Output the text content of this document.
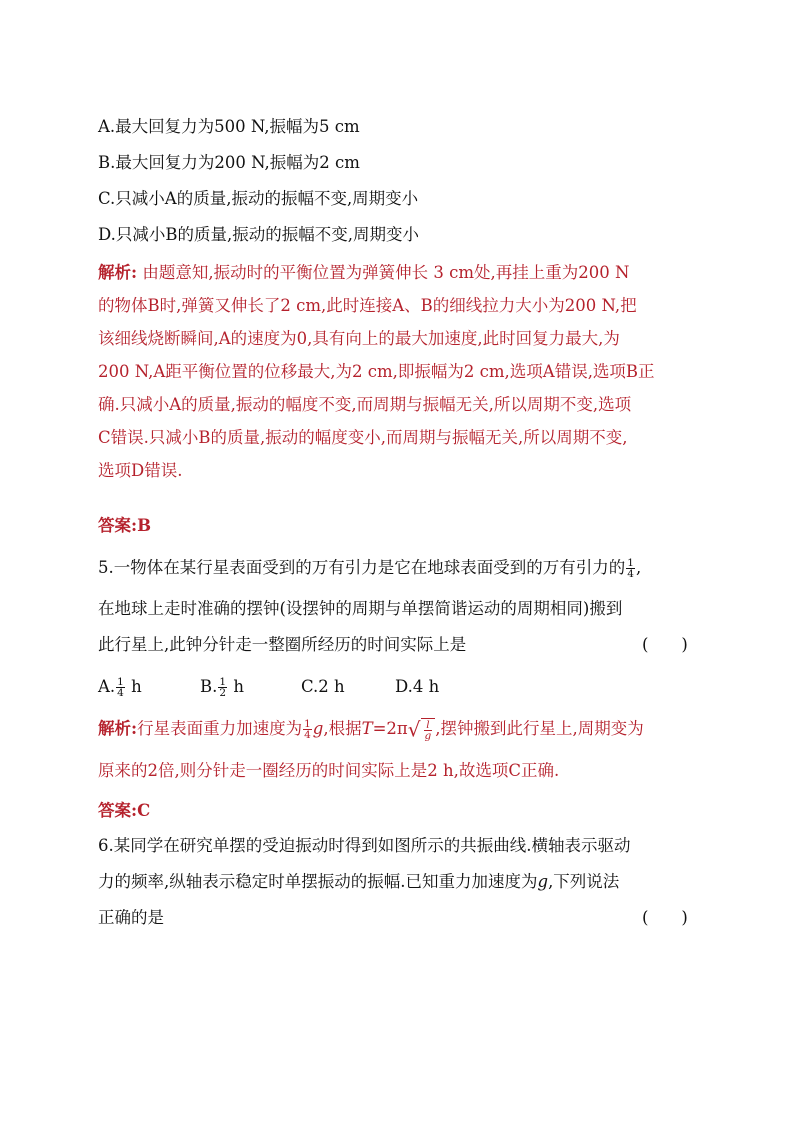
A.最大回复力为500 N,振幅为5 cm
B.最大回复力为200 N,振幅为2 cm
C.只减小A的质量,振动的振幅不变,周期变小
D.只减小B的质量,振动的振幅不变,周期变小
解析: 由题意知,振动时的平衡位置为弹簧伸长 3 cm处,再挂上重为200 N
的物体B时,弹簧又伸长了2 cm,此时连接A、B的细线拉力大小为200 N,把
该细线烧断瞬间,A的速度为0,具有向上的最大加速度,此时回复力最大,为
200 N,A距平衡位置的位移最大,为2 cm,即振幅为2 cm,选项A错误,选项B正
确.只减小A的质量,振动的幅度不变,而周期与振幅无关,所以周期不变,选项
C错误.只减小B的质量,振动的幅度变小,而周期与振幅无关,所以周期不变,
选项D错误.
答案:B
5.一物体在某行星表面受到的万有引力是它在地球表面受到的万有引力的 $\frac{1}{4}$ ,
在地球上走时准确的摆钟(设摆钟的周期与单摆简谐运动的周期相同)搬到
此行星上,此钟分针走一整圈所经历的时间实际上是	(　　)
A. $\frac{1}{4}$ h	B. $\frac{1}{2}$ h	C.2 h	D.4 h
解析:行星表面重力加速度为 $\frac{1}{4} g$,根据$T=2\pi√ \frac{l}{g}$ ,摆钟搬到此行星上,周期变为
原来的2倍,则分针走一圈经历的时间实际上是2 h,故选项C正确.
答案:C
6.某同学在研究单摆的受迫振动时得到如图所示的共振曲线.横轴表示驱动
力的频率,纵轴表示稳定时单摆振动的振幅.已知重力加速度为g,下列说法
正确的是	(　　)
